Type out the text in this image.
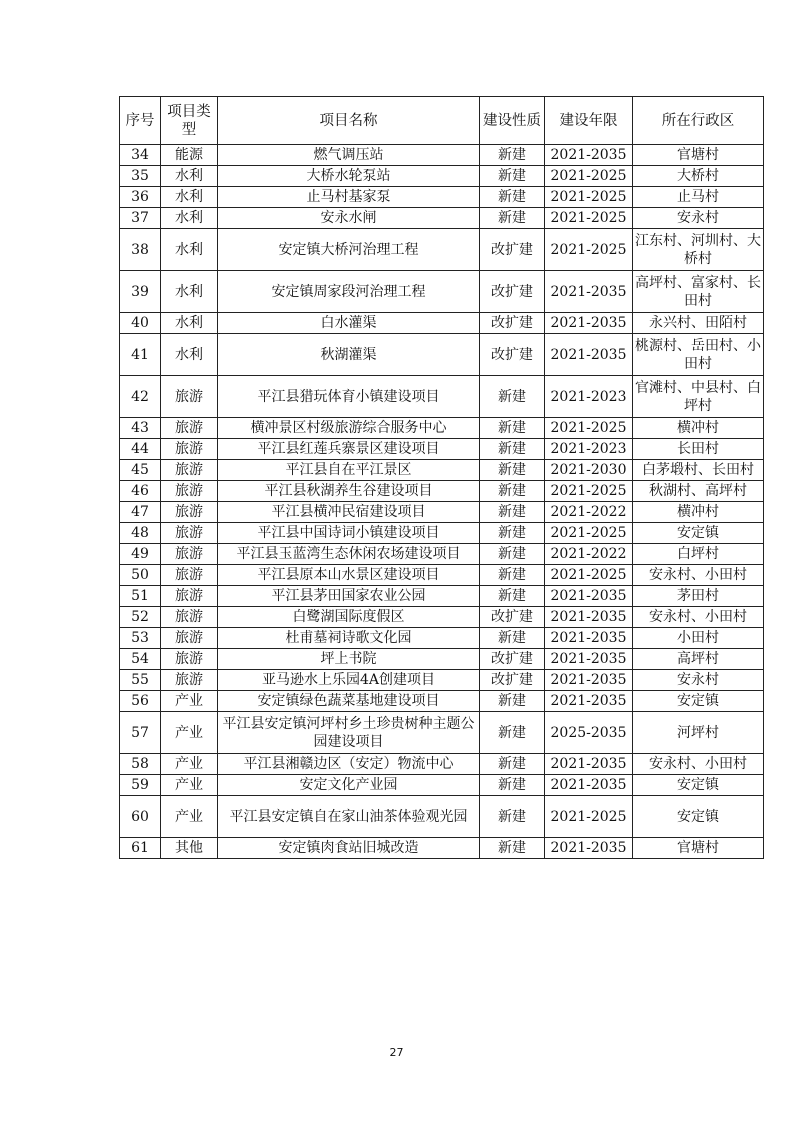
序号	项目类型	项目名称	建设性质	建设年限	所在行政区
34	能源	燃气调压站	新建	2021-2035	官塘村
35	水利	大桥水轮泵站	新建	2021-2025	大桥村
36	水利	止马村基家泵	新建	2021-2025	止马村
37	水利	安永水闸	新建	2021-2025	安永村
38	水利	安定镇大桥河治理工程	改扩建	2021-2025	江东村、河圳村、大桥村
39	水利	安定镇周家段河治理工程	改扩建	2021-2035	高坪村、富家村、长田村
40	水利	白水灌渠	改扩建	2021-2035	永兴村、田陌村
41	水利	秋湖灌渠	改扩建	2021-2035	桃源村、岳田村、小田村
42	旅游	平江县猎玩体育小镇建设项目	新建	2021-2023	官滩村、中县村、白坪村
43	旅游	横冲景区村级旅游综合服务中心	新建	2021-2025	横冲村
44	旅游	平江县红莲兵寨景区建设项目	新建	2021-2023	长田村
45	旅游	平江县自在平江景区	新建	2021-2030	白茅塅村、长田村
46	旅游	平江县秋湖养生谷建设项目	新建	2021-2025	秋湖村、高坪村
47	旅游	平江县横冲民宿建设项目	新建	2021-2022	横冲村
48	旅游	平江县中国诗词小镇建设项目	新建	2021-2025	安定镇
49	旅游	平江县玉蓝湾生态休闲农场建设项目	新建	2021-2022	白坪村
50	旅游	平江县原本山水景区建设项目	新建	2021-2025	安永村、小田村
51	旅游	平江县茅田国家农业公园	新建	2021-2035	茅田村
52	旅游	白鹭湖国际度假区	改扩建	2021-2035	安永村、小田村
53	旅游	杜甫墓祠诗歌文化园	新建	2021-2035	小田村
54	旅游	坪上书院	改扩建	2021-2035	高坪村
55	旅游	亚马逊水上乐园4A创建项目	改扩建	2021-2035	安永村
56	产业	安定镇绿色蔬菜基地建设项目	新建	2021-2035	安定镇
57	产业	平江县安定镇河坪村乡土珍贵树种主题公园建设项目	新建	2025-2035	河坪村
58	产业	平江县湘赣边区（安定）物流中心	新建	2021-2035	安永村、小田村
59	产业	安定文化产业园	新建	2021-2035	安定镇
60	产业	平江县安定镇自在家山油茶体验观光园	新建	2021-2025	安定镇
61	其他	安定镇肉食站旧城改造	新建	2021-2035	官塘村
27
